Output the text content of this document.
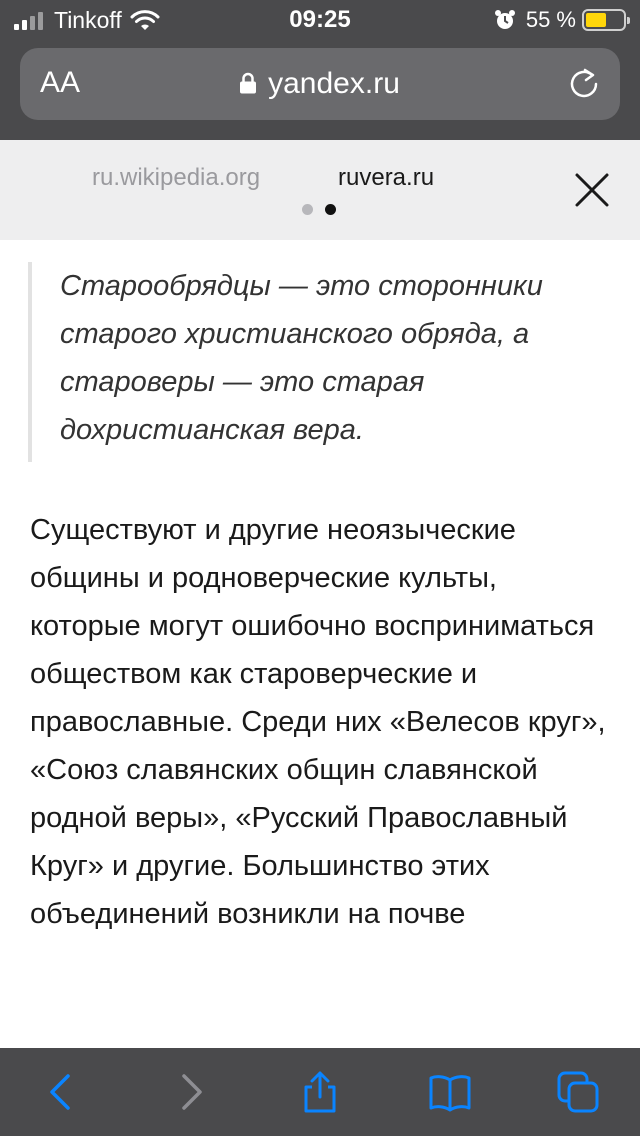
Tinkoff	09:25	55 %
AA	yandex.ru
ru.wikipedia.org	ruvera.ru

Старообрядцы — это сторонники старого христианского обряда, а староверы — это старая дохристианская вера.

Существуют и другие неоязыческие общины и родноверческие культы, которые могут ошибочно восприниматься обществом как староверческие и православные. Среди них «Велесов круг», «Союз славянских общин славянской родной веры», «Русский Православный Круг» и другие. Большинство этих объединений возникли на почве
